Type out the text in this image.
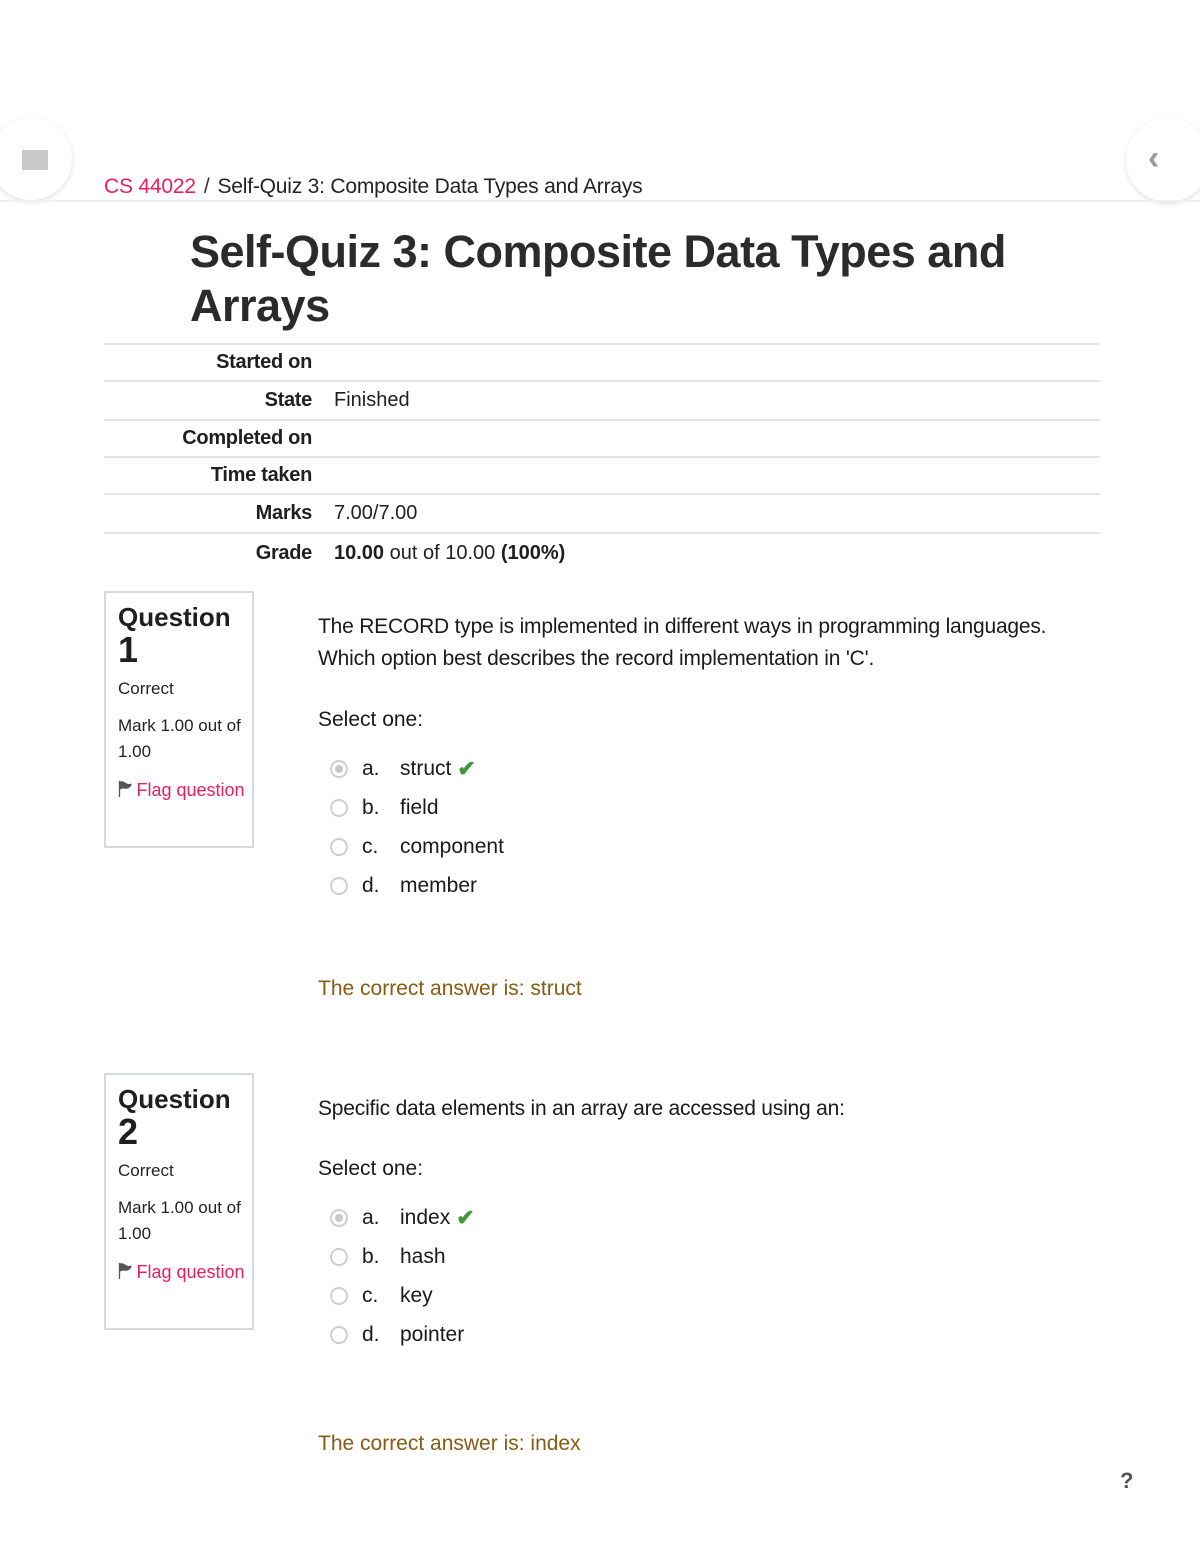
‹
CS 44022 / Self-Quiz 3: Composite Data Types and Arrays
Self-Quiz 3: Composite Data Types and Arrays
Started on
State	Finished
Completed on
Time taken
Marks	7.00/7.00
Grade	10.00 out of 10.00 (100%)
Question
1
Correct
Mark 1.00 out of 1.00
🏲 Flag question

The RECORD type is implemented in different ways in programming languages. Which option best describes the record implementation in 'C'.

Select one:
a. struct ✔
b. field
c.	component
d. member
The correct answer is: struct
Question
2
Correct
Mark 1.00 out of 1.00
🏲 Flag question

Specific data elements in an array are accessed using an:

Select one:
a. index ✔
b. hash
c.	key
d. pointer
The correct answer is: index
?
